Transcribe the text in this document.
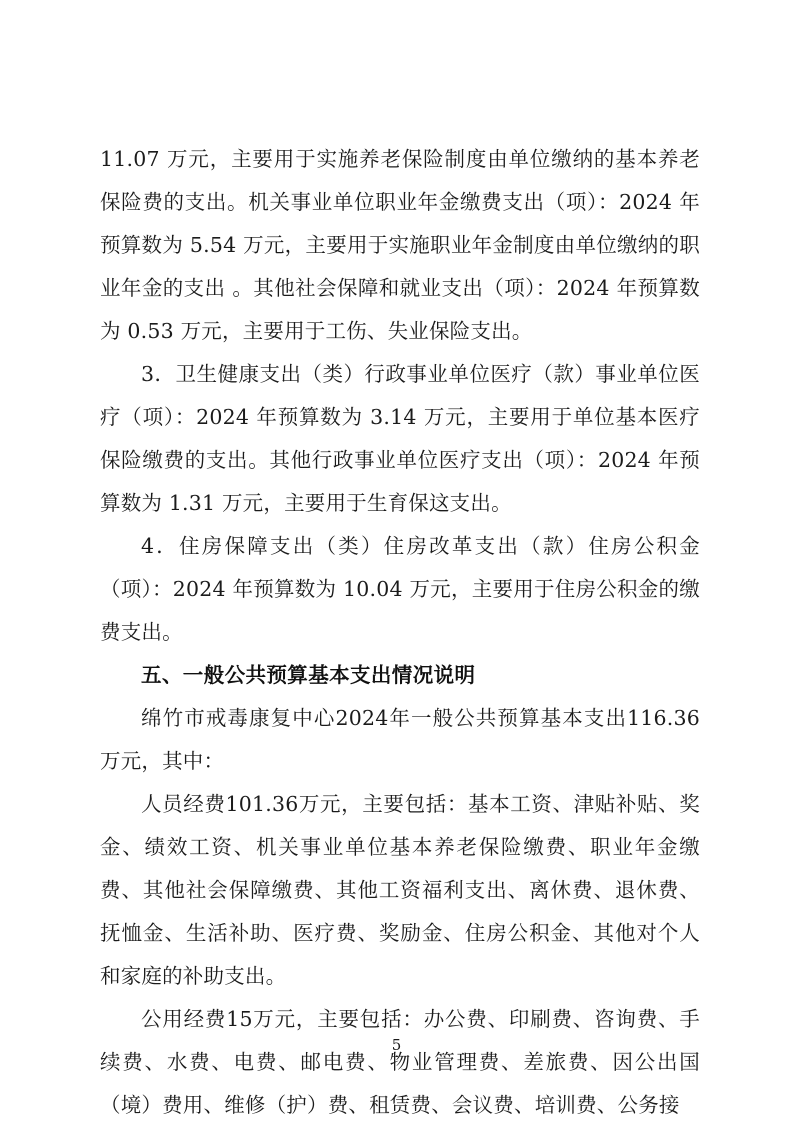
11.07 万元，主要用于实施养老保险制度由单位缴纳的基本养老保险费的支出。机关事业单位职业年金缴费支出（项）：2024 年预算数为 5.54 万元，主要用于实施职业年金制度由单位缴纳的职业年金的支出 。其他社会保障和就业支出（项）：2024 年预算数为 0.53 万元，主要用于工伤、失业保险支出。

3．卫生健康支出（类）行政事业单位医疗（款）事业单位医疗（项）：2024 年预算数为 3.14 万元，主要用于单位基本医疗保险缴费的支出。其他行政事业单位医疗支出（项）：2024 年预算数为 1.31 万元，主要用于生育保这支出。

4．住房保障支出（类）住房改革支出（款）住房公积金（项）：2024 年预算数为 10.04 万元，主要用于住房公积金的缴费支出。

五、一般公共预算基本支出情况说明

绵竹市戒毒康复中心2024年一般公共预算基本支出116.36万元，其中：

人员经费101.36万元，主要包括：基本工资、津贴补贴、奖金、绩效工资、机关事业单位基本养老保险缴费、职业年金缴费、其他社会保障缴费、其他工资福利支出、离休费、退休费、抚恤金、生活补助、医疗费、奖励金、住房公积金、其他对个人和家庭的补助支出。

公用经费15万元，主要包括：办公费、印刷费、咨询费、手续费、水费、电费、邮电费、物业管理费、差旅费、因公出国（境）费用、维修（护）费、租赁费、会议费、培训费、公务接

5
